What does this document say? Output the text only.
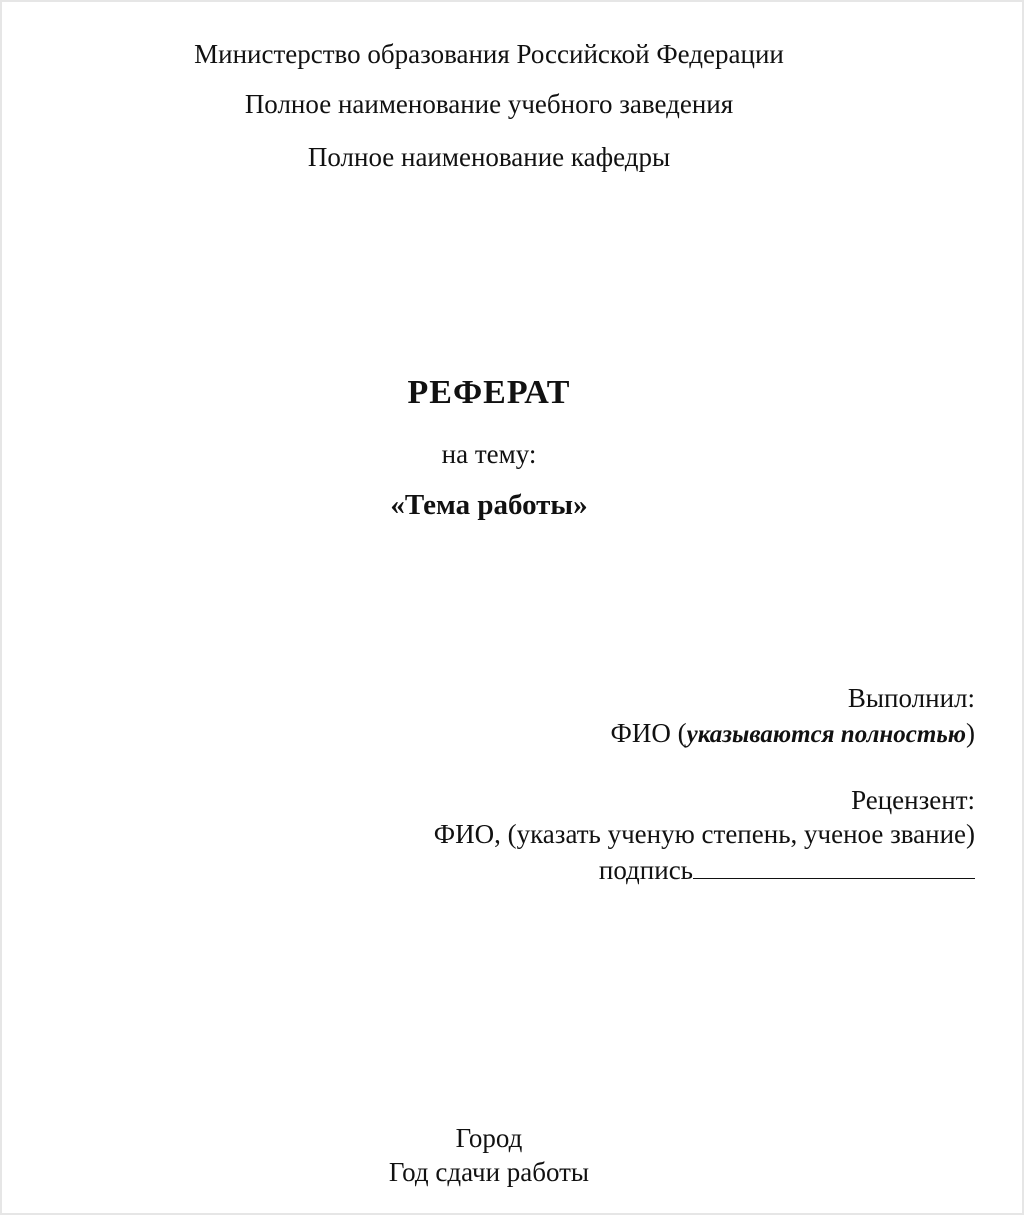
Министерство образования Российской Федерации
Полное наименование учебного заведения
Полное наименование кафедры
РЕФЕРАТ
на тему:
«Тема работы»
Выполнил:
ФИО (указываются полностью)
Рецензент:
ФИО, (указать ученую степень, ученое звание)
подпись
Город
Год сдачи работы
